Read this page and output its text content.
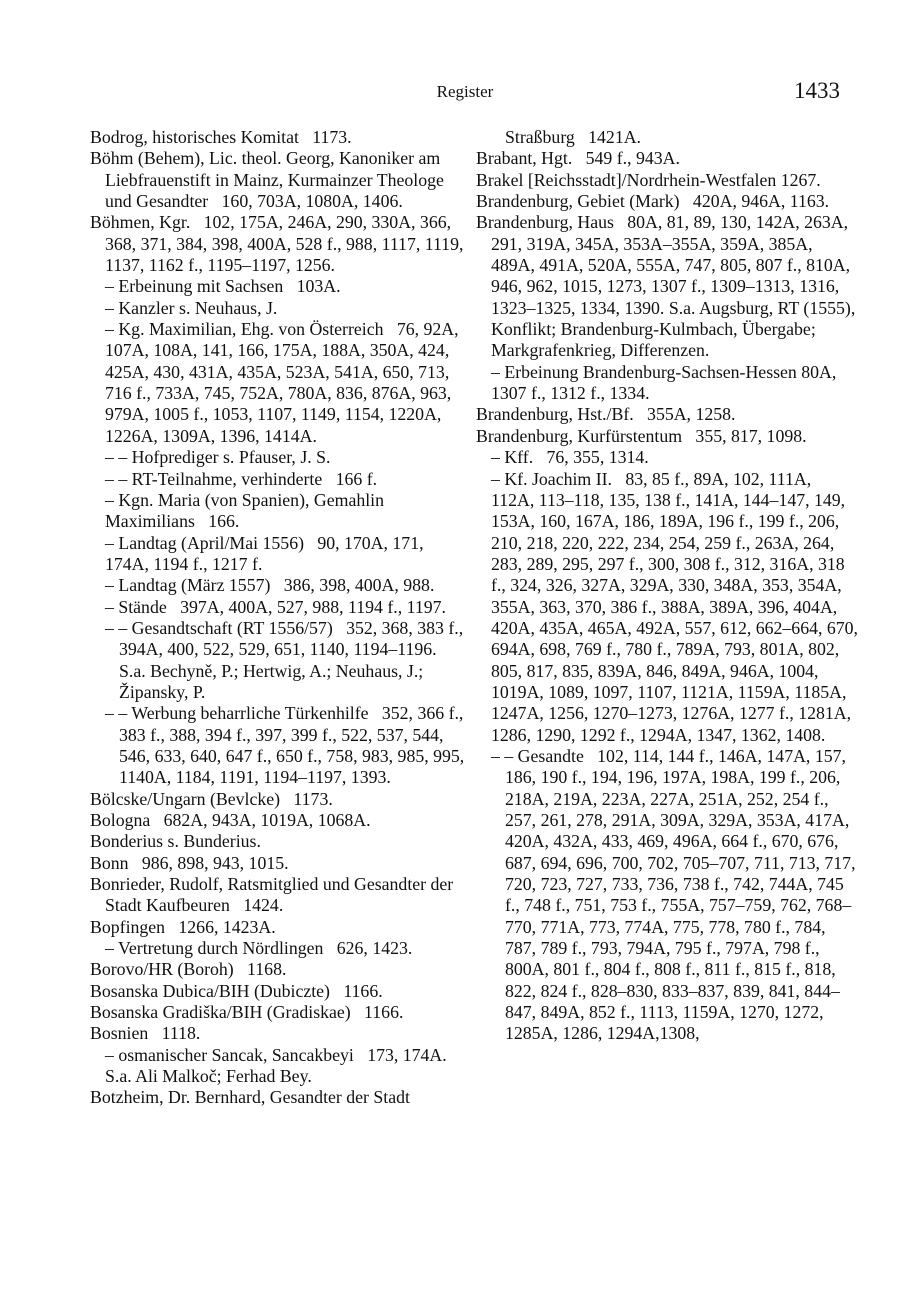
Register	1433

Bodrog, historisches Komitat  1173.

Böhm (Behem), Lic. theol. Georg, Kanoniker am Liebfrauenstift in Mainz, Kurmainzer Theologe und Gesandter  160, 703A, 1080A, 1406.

Böhmen, Kgr.  102, 175A, 246A, 290, 330A, 366, 368, 371, 384, 398, 400A, 528 f., 988, 1117, 1119, 1137, 1162 f., 1195–1197, 1256.

– Erbeinung mit Sachsen  103A.

– Kanzler s. Neuhaus, J.

– Kg. Maximilian, Ehg. von Österreich  76, 92A, 107A, 108A, 141, 166, 175A, 188A, 350A, 424, 425A, 430, 431A, 435A, 523A, 541A, 650, 713, 716 f., 733A, 745, 752A, 780A, 836, 876A, 963, 979A, 1005 f., 1053, 1107, 1149, 1154, 1220A, 1226A, 1309A, 1396, 1414A.

– – Hofprediger s. Pfauser, J. S.

– – RT-Teilnahme, verhinderte  166 f.

– Kgn. Maria (von Spanien), Gemahlin Maximilians  166.

– Landtag (April/Mai 1556)  90, 170A, 171, 174A, 1194 f., 1217 f.

– Landtag (März 1557)  386, 398, 400A, 988.

– Stände  397A, 400A, 527, 988, 1194 f., 1197.

– – Gesandtschaft (RT 1556/57)  352, 368, 383 f., 394A, 400, 522, 529, 651, 1140, 1194–1196. S.a. Bechyně, P.; Hertwig, A.; Neuhaus, J.; Žipansky, P.

– – Werbung beharrliche Türkenhilfe  352, 366 f., 383 f., 388, 394 f., 397, 399 f., 522, 537, 544, 546, 633, 640, 647 f., 650 f., 758, 983, 985, 995, 1140A, 1184, 1191, 1194–1197, 1393.

Bölcske/Ungarn (Bevlcke)  1173.

Bologna  682A, 943A, 1019A, 1068A.

Bonderius s. Bunderius.

Bonn  986, 898, 943, 1015.

Bonrieder, Rudolf, Ratsmitglied und Gesandter der Stadt Kaufbeuren  1424.

Bopfingen  1266, 1423A.

– Vertretung durch Nördlingen  626, 1423.

Borovo/HR (Boroh)  1168.

Bosanska Dubica/BIH (Dubiczte)  1166.

Bosanska Gradiška/BIH (Gradiskae)  1166.

Bosnien  1118.

– osmanischer Sancak, Sancakbeyi  173, 174A. S.a. Ali Malkoč; Ferhad Bey.

Botzheim, Dr. Bernhard, Gesandter der Stadt

Straßburg  1421A.

Brabant, Hgt.  549 f., 943A.

Brakel [Reichsstadt]/Nordrhein-Westfalen 1267.

Brandenburg, Gebiet (Mark)  420A, 946A, 1163.

Brandenburg, Haus  80A, 81, 89, 130, 142A, 263A, 291, 319A, 345A, 353A–355A, 359A, 385A, 489A, 491A, 520A, 555A, 747, 805, 807 f., 810A, 946, 962, 1015, 1273, 1307 f., 1309–1313, 1316, 1323–1325, 1334, 1390. S.a. Augsburg, RT (1555), Konflikt; Brandenburg-Kulmbach, Übergabe; Markgrafenkrieg, Differenzen.

– Erbeinung Brandenburg-Sachsen-Hessen 80A, 1307 f., 1312 f., 1334.

Brandenburg, Hst./Bf.  355A, 1258.

Brandenburg, Kurfürstentum  355, 817, 1098.

– Kff.  76, 355, 1314.

– Kf. Joachim II.  83, 85 f., 89A, 102, 111A, 112A, 113–118, 135, 138 f., 141A, 144–147, 149, 153A, 160, 167A, 186, 189A, 196 f., 199 f., 206, 210, 218, 220, 222, 234, 254, 259 f., 263A, 264, 283, 289, 295, 297 f., 300, 308 f., 312, 316A, 318 f., 324, 326, 327A, 329A, 330, 348A, 353, 354A, 355A, 363, 370, 386 f., 388A, 389A, 396, 404A, 420A, 435A, 465A, 492A, 557, 612, 662–664, 670, 694A, 698, 769 f., 780 f., 789A, 793, 801A, 802, 805, 817, 835, 839A, 846, 849A, 946A, 1004, 1019A, 1089, 1097, 1107, 1121A, 1159A, 1185A, 1247A, 1256, 1270–1273, 1276A, 1277 f., 1281A, 1286, 1290, 1292 f., 1294A, 1347, 1362, 1408.

– – Gesandte  102, 114, 144 f., 146A, 147A, 157, 186, 190 f., 194, 196, 197A, 198A, 199 f., 206, 218A, 219A, 223A, 227A, 251A, 252, 254 f., 257, 261, 278, 291A, 309A, 329A, 353A, 417A, 420A, 432A, 433, 469, 496A, 664 f., 670, 676, 687, 694, 696, 700, 702, 705–707, 711, 713, 717, 720, 723, 727, 733, 736, 738 f., 742, 744A, 745 f., 748 f., 751, 753 f., 755A, 757–759, 762, 768–770, 771A, 773, 774A, 775, 778, 780 f., 784, 787, 789 f., 793, 794A, 795 f., 797A, 798 f., 800A, 801 f., 804 f., 808 f., 811 f., 815 f., 818, 822, 824 f., 828–830, 833–837, 839, 841, 844–847, 849A, 852 f., 1113, 1159A, 1270, 1272, 1285A, 1286, 1294A,1308,
